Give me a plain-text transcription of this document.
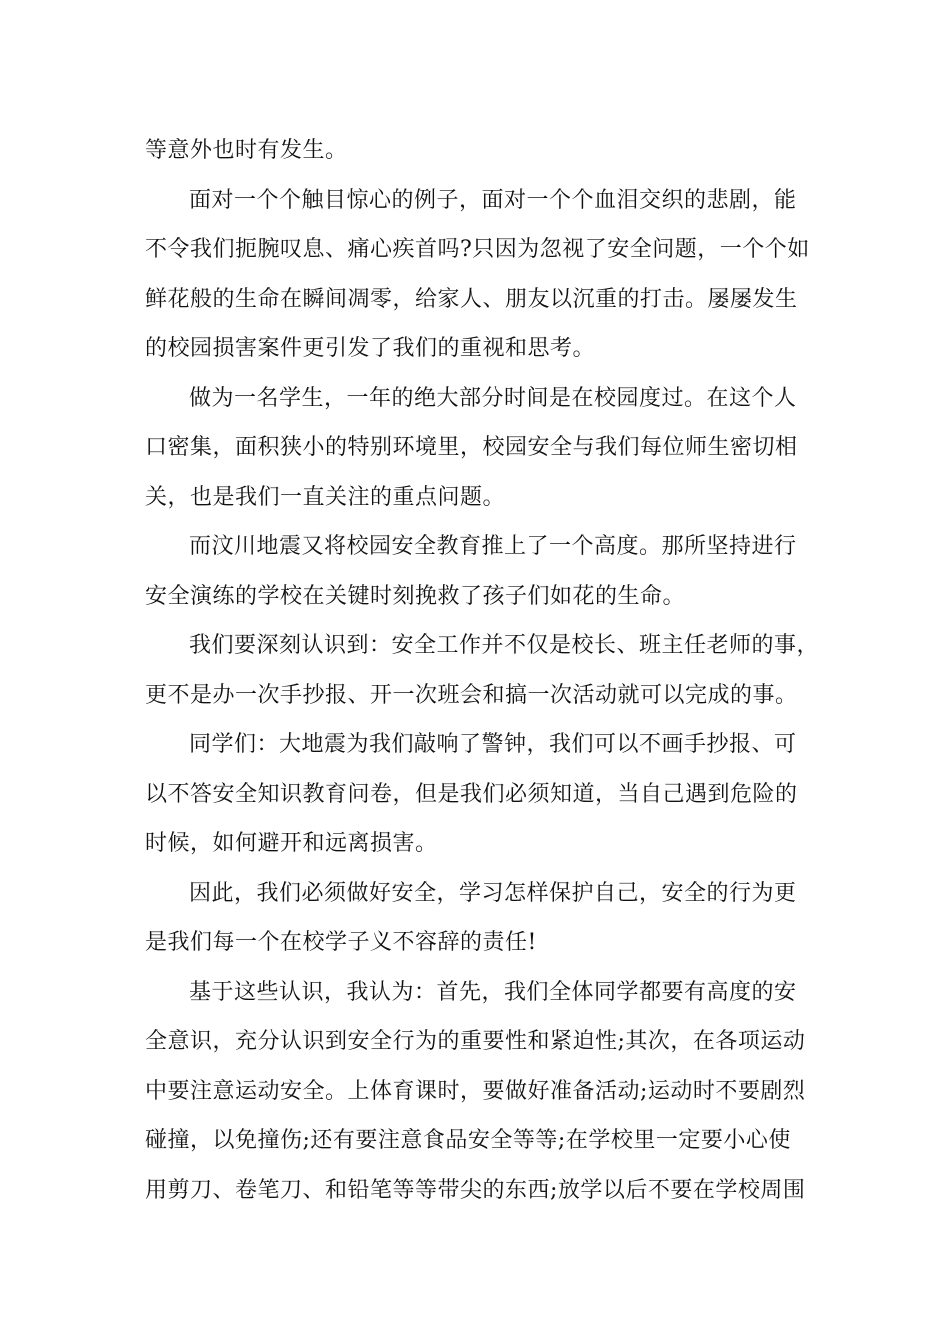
等意外也时有发生。
面对一个个触目惊心的例子，面对一个个血泪交织的悲剧，能
不令我们扼腕叹息、痛心疾首吗?只因为忽视了安全问题，一个个如
鲜花般的生命在瞬间凋零，给家人、朋友以沉重的打击。屡屡发生
的校园损害案件更引发了我们的重视和思考。
做为一名学生，一年的绝大部分时间是在校园度过。在这个人
口密集，面积狭小的特别环境里，校园安全与我们每位师生密切相
关，也是我们一直关注的重点问题。
而汶川地震又将校园安全教育推上了一个高度。那所坚持进行
安全演练的学校在关键时刻挽救了孩子们如花的生命。
我们要深刻认识到：安全工作并不仅是校长、班主任老师的事，
更不是办一次手抄报、开一次班会和搞一次活动就可以完成的事。
同学们：大地震为我们敲响了警钟，我们可以不画手抄报、可
以不答安全知识教育问卷，但是我们必须知道，当自己遇到危险的
时候，如何避开和远离损害。
因此，我们必须做好安全，学习怎样保护自己，安全的行为更
是我们每一个在校学子义不容辞的责任!
基于这些认识，我认为：首先，我们全体同学都要有高度的安
全意识，充分认识到安全行为的重要性和紧迫性;其次，在各项运动
中要注意运动安全。上体育课时，要做好准备活动;运动时不要剧烈
碰撞，以免撞伤;还有要注意食品安全等等;在学校里一定要小心使
用剪刀、卷笔刀、和铅笔等等带尖的东西;放学以后不要在学校周围
